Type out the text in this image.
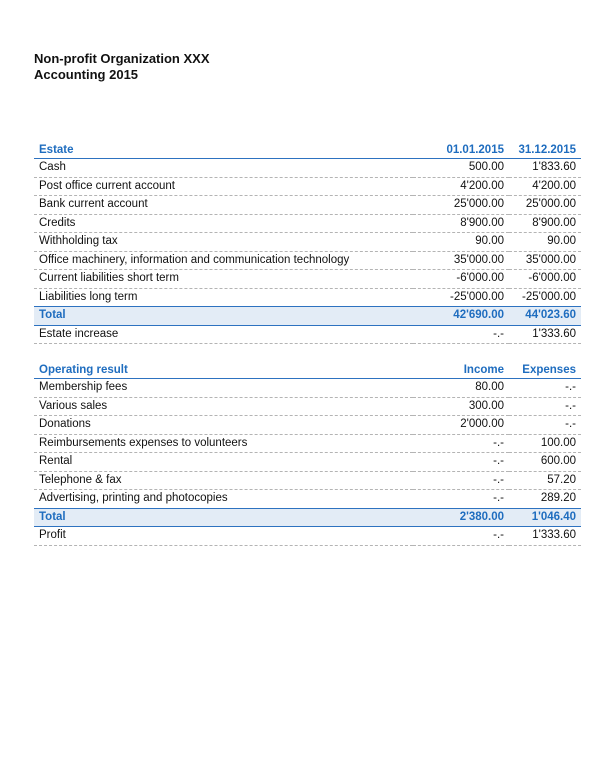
Non-profit Organization XXX
Accounting 2015
Estate	01.01.2015	31.12.2015
Cash	500.00	1'833.60
Post office current account	4'200.00	4'200.00
Bank current account	25'000.00	25'000.00
Credits	8'900.00	8'900.00
Withholding tax	90.00	90.00
Office machinery, information and communication technology	35'000.00	35'000.00
Current liabilities short term	-6'000.00	-6'000.00
Liabilities long term	-25'000.00	-25'000.00
Total	42'690.00	44'023.60
Estate increase	-.-	1'333.60
Operating result	Income	Expenses
Membership fees	80.00	-.-
Various sales	300.00	-.-
Donations	2'000.00	-.-
Reimbursements expenses to volunteers	-.-	100.00
Rental	-.-	600.00
Telephone & fax	-.-	57.20
Advertising, printing and photocopies	-.-	289.20
Total	2'380.00	1'046.40
Profit	-.-	1'333.60
